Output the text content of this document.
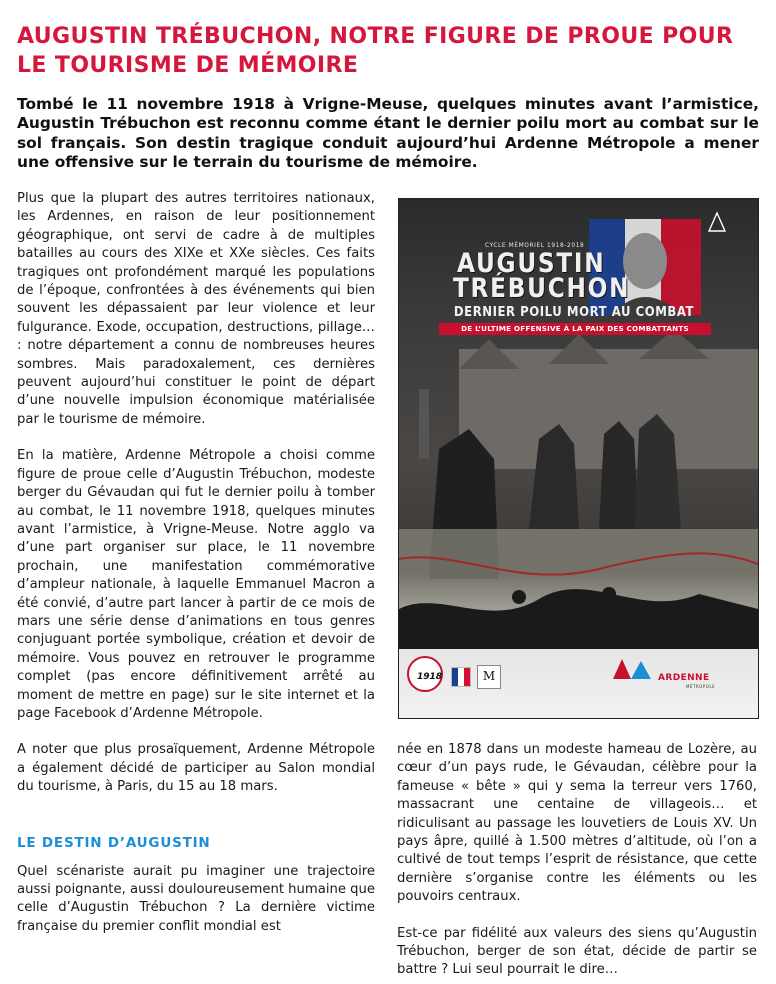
AUGUSTIN TRÉBUCHON, NOTRE FIGURE DE PROUE POUR LE TOURISME DE MÉMOIRE

Tombé le 11 novembre 1918 à Vrigne-Meuse, quelques minutes avant l’armistice, Augustin Trébuchon est reconnu comme étant le dernier poilu mort au combat sur le sol français. Son destin tragique conduit aujourd’hui Ardenne Métropole a mener une offensive sur le terrain du tourisme de mémoire.

Plus que la plupart des autres territoires nationaux, les Ardennes, en raison de leur positionnement géographique, ont servi de cadre à de multiples batailles au cours des XIXe et XXe siècles. Ces faits tragiques ont profondément marqué les populations de l’époque, confrontées à des événements qui bien souvent les dépassaient par leur violence et leur fulgurance. Exode, occupation, destructions, pillage… : notre département a connu de nombreuses heures sombres. Mais paradoxalement, ces dernières peuvent aujourd’hui constituer le point de départ d’une nouvelle impulsion économique matérialisée par le tourisme de mémoire.

En la matière, Ardenne Métropole a choisi comme figure de proue celle d’Augustin Trébuchon, modeste berger du Gévaudan qui fut le dernier poilu à tomber au combat, le 11 novembre 1918, quelques minutes avant l’armistice, à Vrigne-Meuse. Notre agglo va d’une part organiser sur place, le 11 novembre prochain, une manifestation commémorative d’ampleur nationale, à laquelle Emmanuel Macron a été convié, d’autre part lancer à partir de ce mois de mars une série dense d’animations en tous genres conjuguant portée symbolique, création et devoir de mémoire. Vous pouvez en retrouver le programme complet (pas encore définitivement arrêté au moment de mettre en page) sur le site internet et la page Facebook d’Ardenne Métropole.

A noter que plus prosaïquement, Ardenne Métropole a également décidé de participer au Salon mondial du tourisme, à Paris, du 15 au 18 mars.

LE DESTIN D’AUGUSTIN

Quel scénariste aurait pu imaginer une trajectoire aussi poignante, aussi douloureusement humaine que celle d’Augustin Trébuchon ? La dernière victime française du premier conflit mondial est

CYCLE MÉMORIEL 1918-2018
AUGUSTIN
TRÉBUCHON
DERNIER POILU MORT AU COMBAT
DE L’ULTIME OFFENSIVE À LA PAIX DES COMBATTANTS
1918	M	ARDENNE
MÉTROPOLE

née en 1878 dans un modeste hameau de Lozère, au cœur d’un pays rude, le Gévaudan, célèbre pour la fameuse « bête » qui y sema la terreur vers 1760, massacrant une centaine de villageois… et ridiculisant au passage les louvetiers de Louis XV. Un pays âpre, quillé à 1.500 mètres d’altitude, où l’on a cultivé de tout temps l’esprit de résistance, que cette dernière s’organise contre les éléments ou les pouvoirs centraux.

Est-ce par fidélité aux valeurs des siens qu’Augustin Trébuchon, berger de son état, décide de partir se battre ? Lui seul pourrait le dire…
